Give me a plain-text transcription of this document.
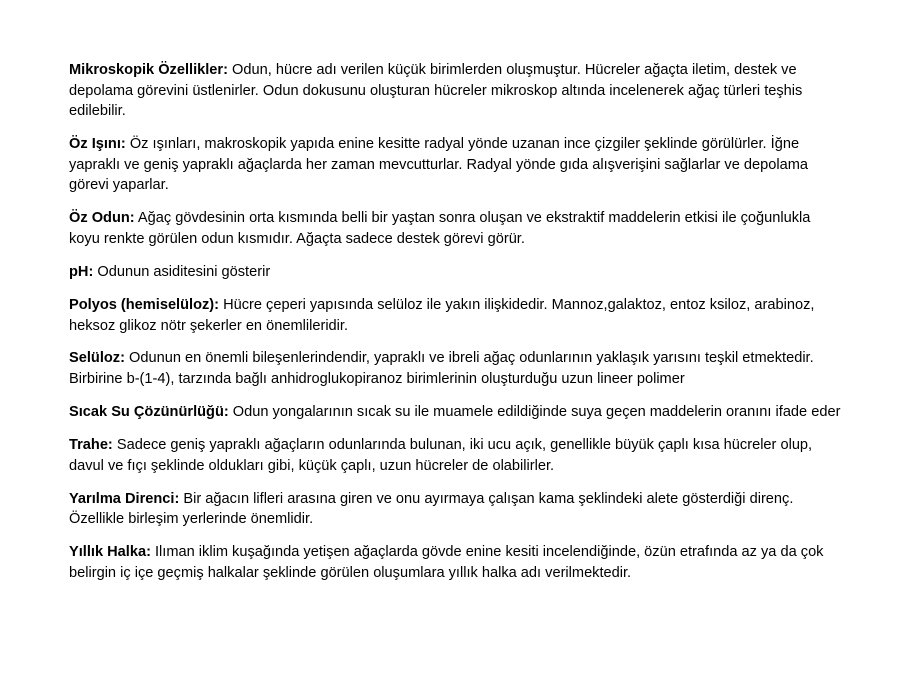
Mikroskopik Özellikler: Odun, hücre adı verilen küçük birimlerden oluşmuştur. Hücreler ağaçta iletim, destek ve depolama görevini üstlenirler. Odun dokusunu oluşturan hücreler mikroskop altında incelenerek ağaç türleri teşhis edilebilir.

Öz Işını: Öz ışınları, makroskopik yapıda enine kesitte radyal yönde uzanan ince çizgiler şeklinde görülürler. İğne yapraklı ve geniş yapraklı ağaçlarda her zaman mevcutturlar. Radyal yönde gıda alışverişini sağlarlar ve depolama görevi yaparlar.

Öz Odun: Ağaç gövdesinin orta kısmında belli bir yaştan sonra oluşan ve ekstraktif maddelerin etkisi ile çoğunlukla koyu renkte görülen odun kısmıdır. Ağaçta sadece destek görevi görür.

pH: Odunun asiditesini gösterir

Polyos (hemiselüloz): Hücre çeperi yapısında selüloz ile yakın ilişkidedir. Mannoz,galaktoz, entoz ksiloz, arabinoz, heksoz glikoz nötr şekerler en önemlileridir.

Selüloz: Odunun en önemli bileşenlerindendir, yapraklı ve ibreli ağaç odunlarının yaklaşık yarısını teşkil etmektedir. Birbirine b-(1-4), tarzında bağlı anhidroglukopiranoz birimlerinin oluşturduğu uzun lineer polimer

Sıcak Su Çözünürlüğü: Odun yongalarının sıcak su ile muamele edildiğinde suya geçen maddelerin oranını ifade eder

Trahe: Sadece geniş yapraklı ağaçların odunlarında bulunan, iki ucu açık, genellikle büyük çaplı kısa hücreler olup, davul ve fıçı şeklinde oldukları gibi, küçük çaplı, uzun hücreler de olabilirler.

Yarılma Direnci: Bir ağacın lifleri arasına giren ve onu ayırmaya çalışan kama şeklindeki alete gösterdiği direnç. Özellikle birleşim yerlerinde önemlidir.

Yıllık Halka: Ilıman iklim kuşağında yetişen ağaçlarda gövde enine kesiti incelendiğinde, özün etrafında az ya da çok belirgin iç içe geçmiş halkalar şeklinde görülen oluşumlara yıllık halka adı verilmektedir.
